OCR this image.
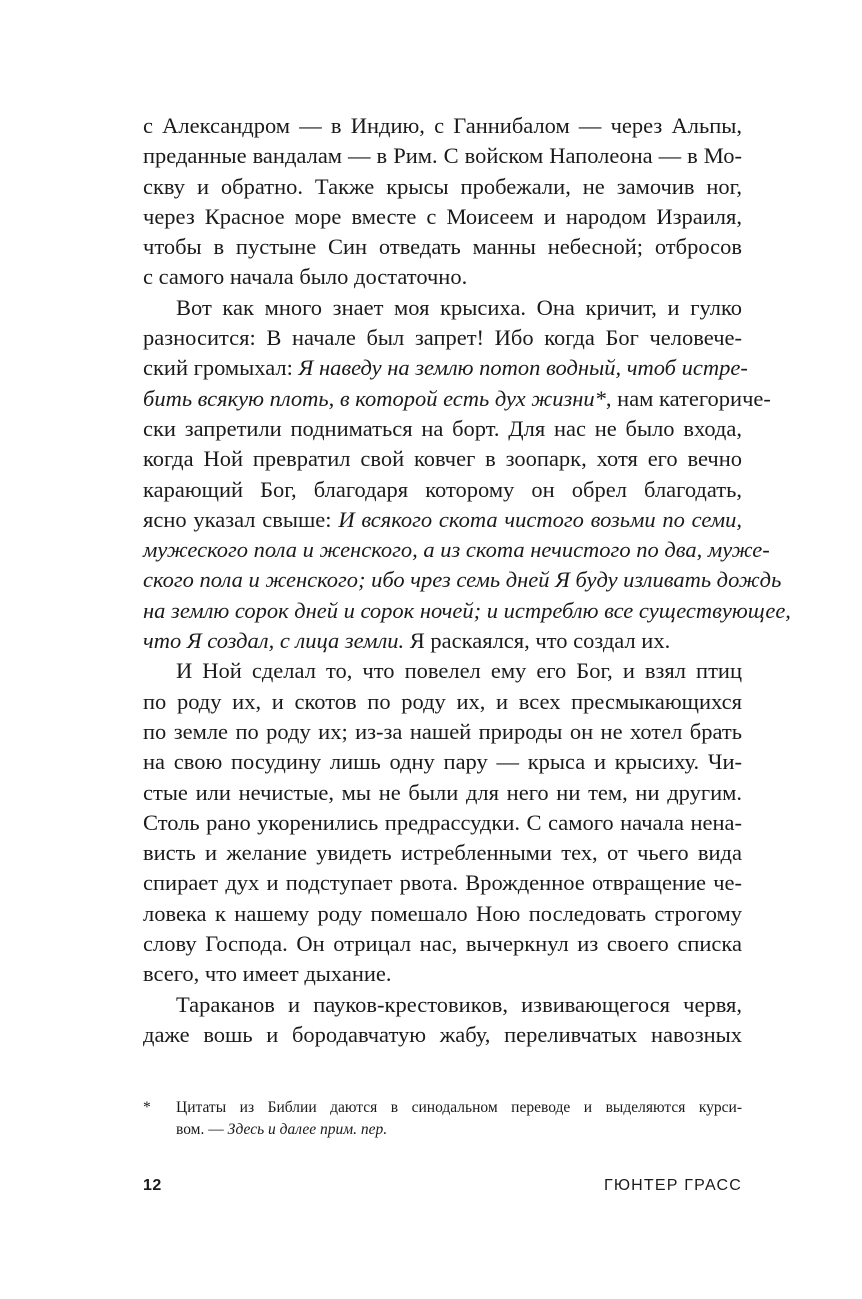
с Александром — в Индию, с Ганнибалом — через Альпы,
преданные вандалам — в Рим. С войском Наполеона — в Мо-
скву и обратно. Также крысы пробежали, не замочив ног,
через Красное море вместе с Моисеем и народом Израиля,
чтобы в пустыне Син отведать манны небесной; отбросов
с самого начала было достаточно.
Вот как много знает моя крысиха. Она кричит, и гулко
разносится: В начале был запрет! Ибо когда Бог человече-
ский громыхал: Я наведу на землю потоп водный, чтоб истре-
бить всякую плоть, в которой есть дух жизни*, нам категориче-
ски запретили подниматься на борт. Для нас не было входа,
когда Ной превратил свой ковчег в зоопарк, хотя его вечно
карающий Бог, благодаря которому он обрел благодать,
ясно указал свыше: И всякого скота чистого возьми по семи,
мужеского пола и женского, а из скота нечистого по два, муже-
ского пола и женского; ибо чрез семь дней Я буду изливать дождь
на землю сорок дней и сорок ночей; и истреблю все существующее,
что Я создал, с лица земли. Я раскаялся, что создал их.
И Ной сделал то, что повелел ему его Бог, и взял птиц
по роду их, и скотов по роду их, и всех пресмыкающихся
по земле по роду их; из-за нашей природы он не хотел брать
на свою посудину лишь одну пару — крыса и крысиху. Чи-
стые или нечистые, мы не были для него ни тем, ни другим.
Столь рано укоренились предрассудки. С самого начала нена-
висть и желание увидеть истребленными тех, от чьего вида
спирает дух и подступает рвота. Врожденное отвращение че-
ловека к нашему роду помешало Ною последовать строгому
слову Господа. Он отрицал нас, вычеркнул из своего списка
всего, что имеет дыхание.
Тараканов и пауков-крестовиков, извивающегося червя,
даже вошь и бородавчатую жабу, переливчатых навозных
* Цитаты из Библии даются в синодальном переводе и выделяются курси-
вом. — Здесь и далее прим. пер.
12	ГЮНТЕР ГРАСС
